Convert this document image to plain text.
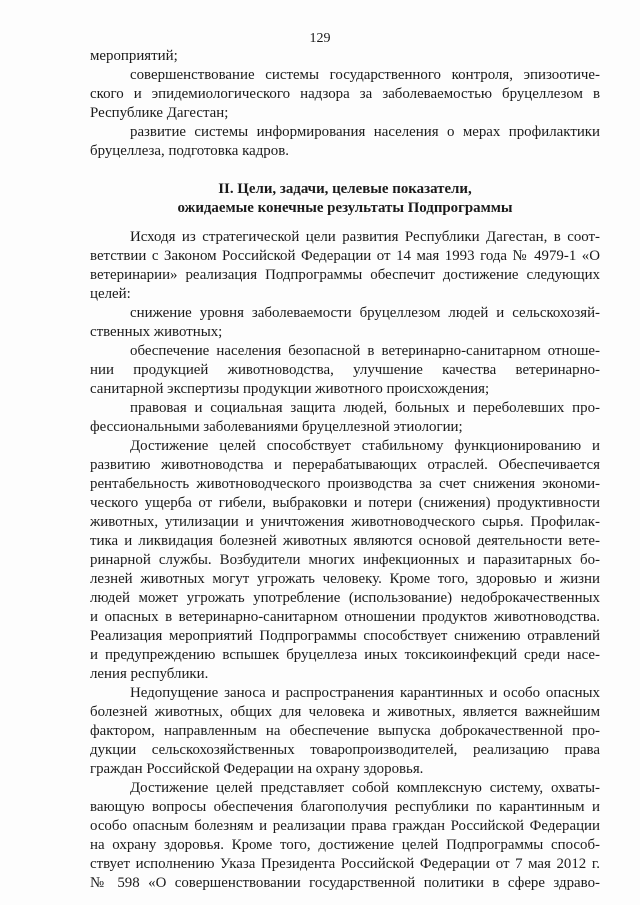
129
мероприятий;
совершенствование системы государственного контроля, эпизоотиче-
ского и эпидемиологического надзора за заболеваемостью бруцеллезом в
Республике Дагестан;
развитие системы информирования населения о мерах профилактики
бруцеллеза, подготовка кадров.
II. Цели, задачи, целевые показатели,
ожидаемые конечные результаты Подпрограммы
Исходя из стратегической цели развития Республики Дагестан, в соот-
ветствии с Законом Российской Федерации от 14 мая 1993 года № 4979-1 «О
ветеринарии» реализация Подпрограммы обеспечит достижение следующих
целей:
снижение уровня заболеваемости бруцеллезом людей и сельскохозяй-
ственных животных;
обеспечение населения безопасной в ветеринарно-санитарном отноше-
нии продукцией животноводства, улучшение качества ветеринарно-
санитарной экспертизы продукции животного происхождения;
правовая и социальная защита людей, больных и переболевших про-
фессиональными заболеваниями бруцеллезной этиологии;
Достижение целей способствует стабильному функционированию и
развитию животноводства и перерабатывающих отраслей. Обеспечивается
рентабельность животноводческого производства за счет снижения экономи-
ческого ущерба от гибели, выбраковки и потери (снижения) продуктивности
животных, утилизации и уничтожения животноводческого сырья. Профилак-
тика и ликвидация болезней животных являются основой деятельности вете-
ринарной службы. Возбудители многих инфекционных и паразитарных бо-
лезней животных могут угрожать человеку. Кроме того, здоровью и жизни
людей может угрожать употребление (использование) недоброкачественных
и опасных в ветеринарно-санитарном отношении продуктов животноводства.
Реализация мероприятий Подпрограммы способствует снижению отравлений
и предупреждению вспышек бруцеллеза иных токсикоинфекций среди насе-
ления республики.
Недопущение заноса и распространения карантинных и особо опасных
болезней животных, общих для человека и животных, является важнейшим
фактором, направленным на обеспечение выпуска доброкачественной про-
дукции сельскохозяйственных товаропроизводителей, реализацию права
граждан Российской Федерации на охрану здоровья.
Достижение целей представляет собой комплексную систему, охваты-
вающую вопросы обеспечения благополучия республики по карантинным и
особо опасным болезням и реализации права граждан Российской Федерации
на охрану здоровья. Кроме того, достижение целей Подпрограммы способ-
ствует исполнению Указа Президента Российской Федерации от 7 мая 2012 г.
№ 598 «О совершенствовании государственной политики в сфере здраво-
